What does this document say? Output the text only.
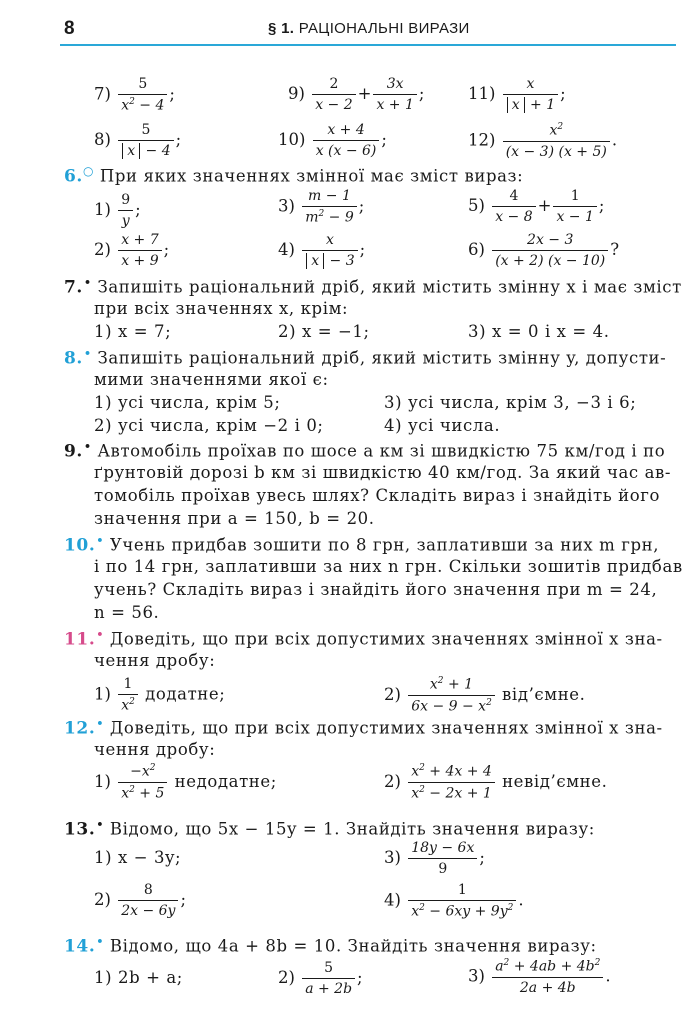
8	§ 1. РАЦІОНАЛЬНІ ВИРАЗИ
$7) \frac{5}{x^2 - 4}$ ;	$9) \frac{2}{x - 2} + \frac{3x}{x + 1}$ ;	$11) \frac{x}{x + 1}$ ;
$8) \frac{5}{x - 4}$ ;	$10) \frac{x + 4}{x (x - 6)}$ ;	$12) \frac{x^2}{(x - 3) (x + 5)}$ .
6.○ При яких значеннях змінної має зміст вираз:
$1) \frac{9}{y}$ ;	$3) \frac{m - 1}{m^2 - 9}$ ;	$5) \frac{4}{x - 8} + \frac{1}{x - 1}$ ;
$2) \frac{x + 7}{x + 9}$ ;	$4) \frac{x}{x - 3}$ ;	$6) \frac{2x - 3}{(x + 2) (x - 10)}$ ?
7.• Запишіть раціональний дріб, який містить змінну x і має зміст
при всіх значеннях x, крім:
1) x = 7;	2) x = −1;	3) x = 0 і x = 4.
8.• Запишіть раціональний дріб, який містить змінну y, допусти-
мими значеннями якої є:
1) усі числа, крім 5;	3) усі числа, крім 3, −3 і 6;
2) усі числа, крім −2 і 0;	4) усі числа.
9.• Автомобіль проїхав по шосе a км зі швидкістю 75 км/год і по
ґрунтовій дорозі b км зі швидкістю 40 км/год. За який час ав-
томобіль проїхав увесь шлях? Складіть вираз і знайдіть його
значення при a = 150, b = 20.
10.• Учень придбав зошити по 8 грн, заплативши за них m грн,
і по 14 грн, заплативши за них n грн. Скільки зошитів придбав
учень? Складіть вираз і знайдіть його значення при m = 24,
n = 56.
11.• Доведіть, що при всіх допустимих значеннях змінної x зна-
чення дробу:
$1) \frac{1}{x^2}$ додатне;	$2) \frac{x^2 + 1}{6x - 9 - x^2}$ від’ємне.
12.• Доведіть, що при всіх допустимих значеннях змінної x зна-
чення дробу:
$1) \frac{-x^2}{x^2 + 5}$ недодатне;	$2) \frac{x^2 + 4x + 4}{x^2 - 2x + 1}$ невід’ємне.
13.• Відомо, що 5x − 15y = 1. Знайдіть значення виразу:
1) x − 3y;	$3) \frac{18y - 6x}{9}$ ;
$2) \frac{8}{2x - 6y}$ ;	$4) \frac{1}{x^2 - 6xy + 9y^2}$ .
14.• Відомо, що 4a + 8b = 10. Знайдіть значення виразу:
1) 2b + a;	$2) \frac{5}{a + 2b}$ ;	$3) \frac{a^2 + 4ab + 4b^2}{2a + 4b}$ .
